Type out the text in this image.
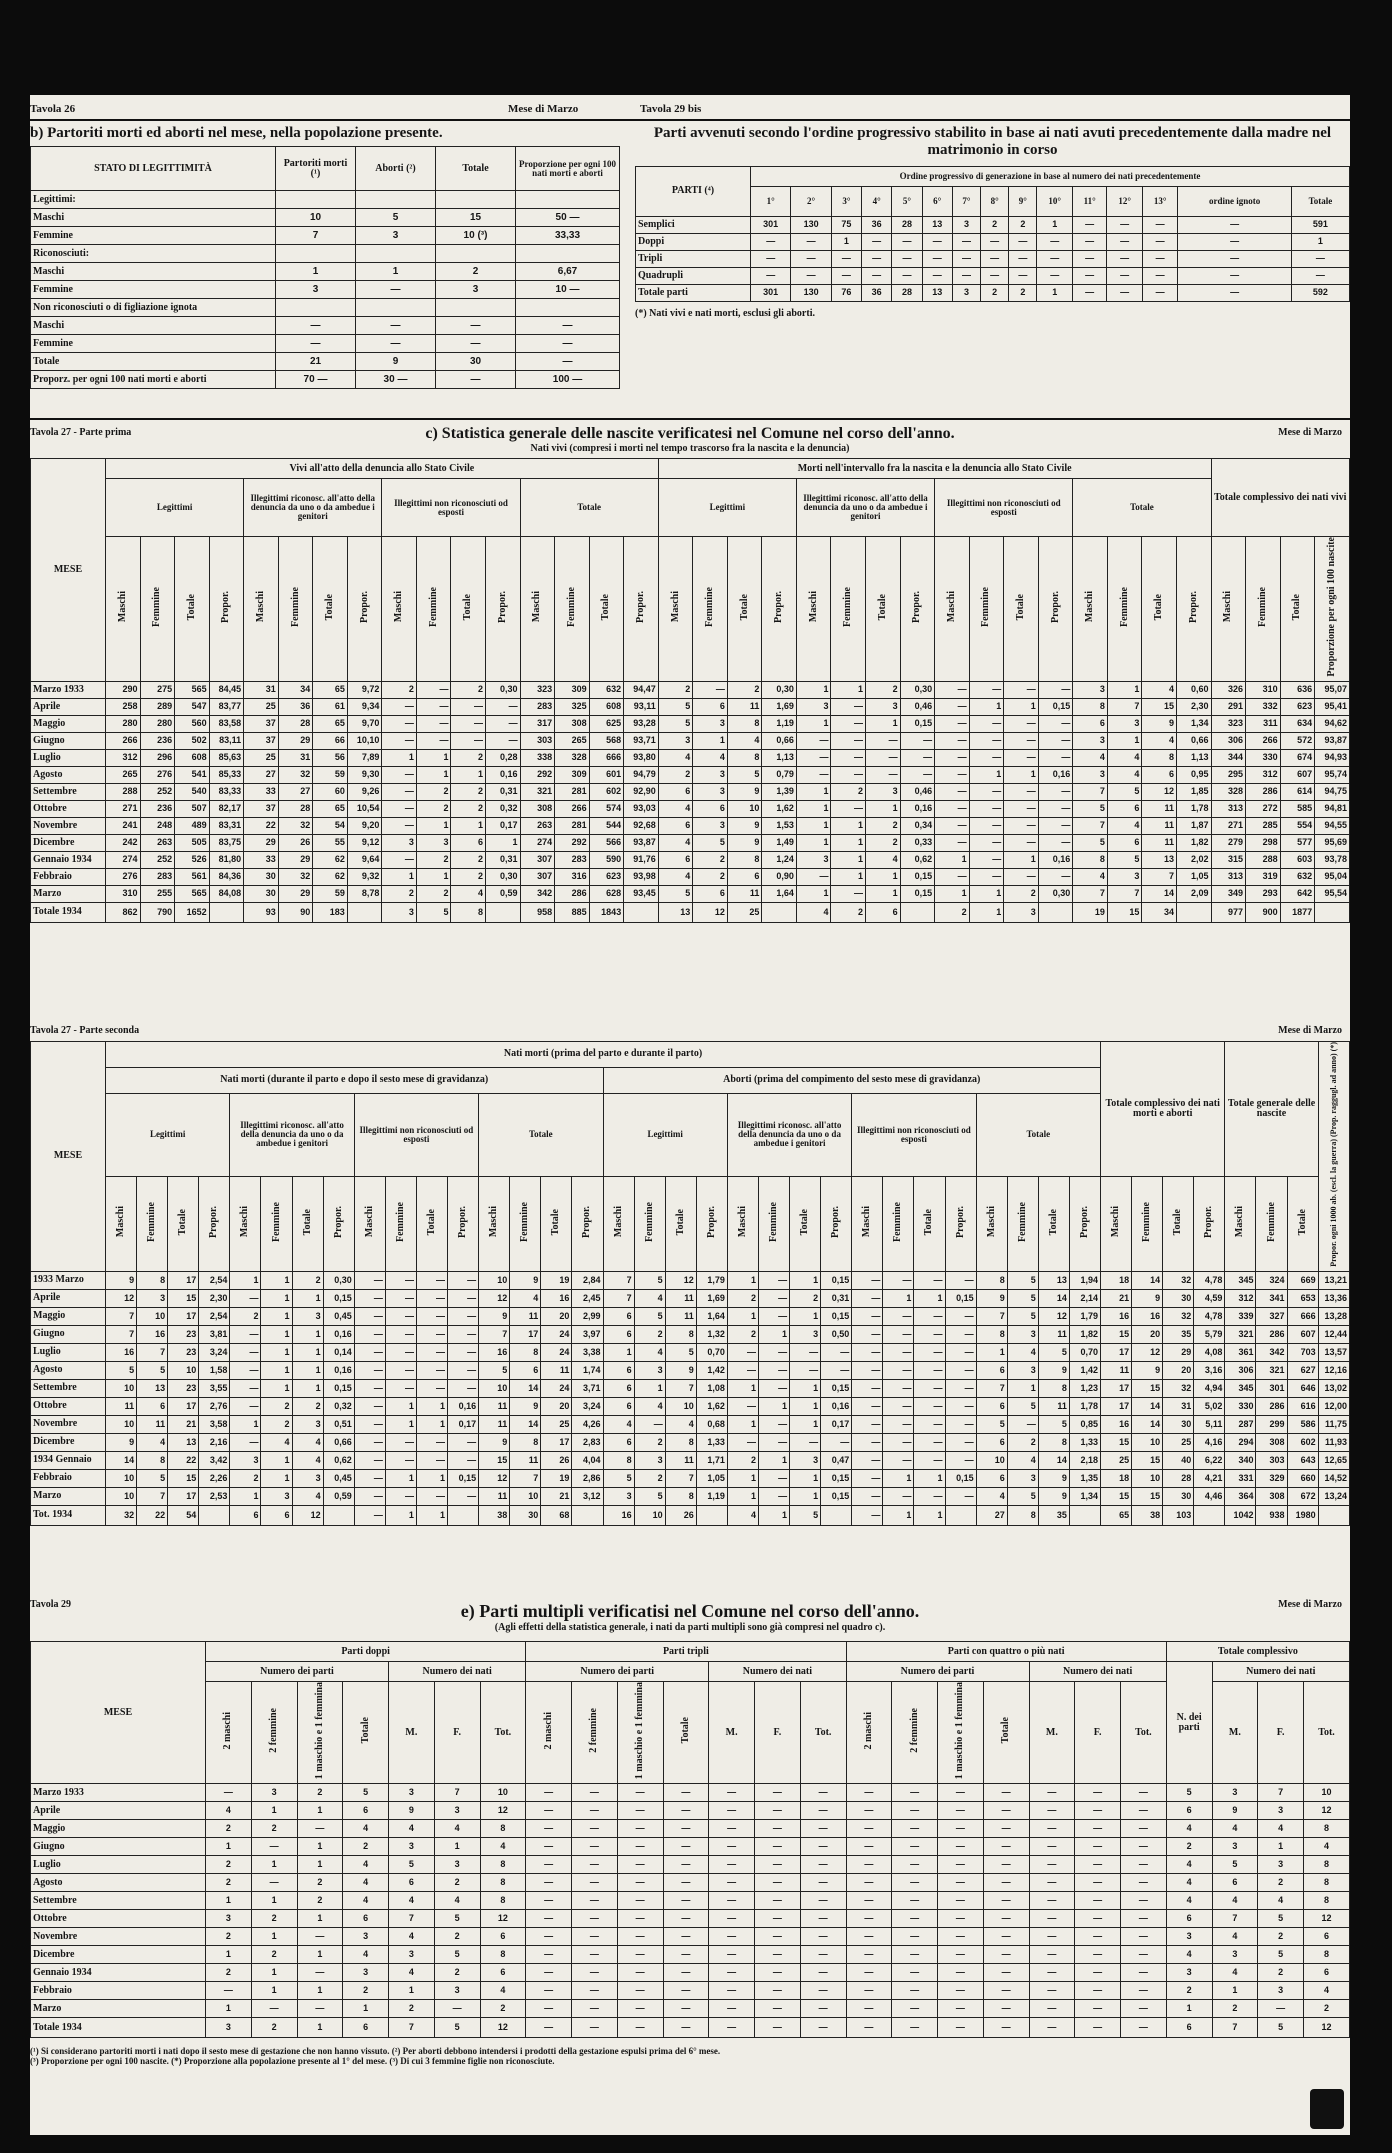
Tavola 26	Mese di Marzo	Tavola 29 bis
b) Partoriti morti ed aborti nel mese, nella popolazione presente.
STATO DI LEGITTIMITÀ	Partoriti morti (¹)	Aborti (²)	Totale	Proporzione per ogni 100 nati morti e aborti
Legittimi:				
Maschi	10	5	15	50 —
Femmine	7	3	10 (³)	33,33
Riconosciuti:				
Maschi	1	1	2	6,67
Femmine	3	—	3	10 —
Non riconosciuti o di figliazione ignota				
Maschi	—	—	—	—
Femmine	—	—	—	—
Totale	21	9	30	—
Proporz. per ogni 100 nati morti e aborti	70 —	30 —	—	100 —
Parti avvenuti secondo l'ordine progressivo stabilito in base ai nati avuti precedentemente dalla madre nel matrimonio in corso
PARTI (⁴)	Ordine progressivo di generazione in base al numero dei nati precedentemente														
	1°	2°	3°	4°	5°	6°	7°	8°	9°	10°	11°	12°	13°	ordine ignoto	Totale
Semplici	301	130	75	36	28	13	3	2	2	1	—	—	—	—	591
Doppi	—	—	1	—	—	—	—	—	—	—	—	—	—	—	1
Tripli	—	—	—	—	—	—	—	—	—	—	—	—	—	—	—
Quadrupli	—	—	—	—	—	—	—	—	—	—	—	—	—	—	—
Totale parti	301	130	76	36	28	13	3	2	2	1	—	—	—	—	592
(*) Nati vivi e nati morti, esclusi gli aborti.
Tavola 27 - Parte prima	Mese di Marzo
c) Statistica generale delle nascite verificatesi nel Comune nel corso dell'anno.
Nati vivi (compresi i morti nel tempo trascorso fra la nascita e la denuncia)
MESE	Vivi all'atto della denuncia allo Stato Civile																Morti nell'intervallo fra la nascita e la denuncia allo Stato Civile																Totale complessivo dei nati vivi			
	Legittimi				Illegittimi riconosc. all'atto della denuncia da uno o da ambedue i genitori				Illegittimi non riconosciuti od esposti				Totale				Legittimi				Illegittimi riconosc. all'atto della denuncia da uno o da ambedue i genitori				Illegittimi non riconosciuti od esposti				Totale							
	Maschi	Femmine	Totale	Propor.	Maschi	Femmine	Totale	Propor.	Maschi	Femmine	Totale	Propor.	Maschi	Femmine	Totale	Propor.	Maschi	Femmine	Totale	Propor.	Maschi	Femmine	Totale	Propor.	Maschi	Femmine	Totale	Propor.	Maschi	Femmine	Totale	Propor.	Maschi	Femmine	Totale	Proporzione per ogni 100 nascite
Marzo 1933	290	275	565	84,45	31	34	65	9,72	2	—	2	0,30	323	309	632	94,47	2	—	2	0,30	1	1	2	0,30	—	—	—	—	3	1	4	0,60	326	310	636	95,07
Aprile	258	289	547	83,77	25	36	61	9,34	—	—	—	—	283	325	608	93,11	5	6	11	1,69	3	—	3	0,46	—	1	1	0,15	8	7	15	2,30	291	332	623	95,41
Maggio	280	280	560	83,58	37	28	65	9,70	—	—	—	—	317	308	625	93,28	5	3	8	1,19	1	—	1	0,15	—	—	—	—	6	3	9	1,34	323	311	634	94,62
Giugno	266	236	502	83,11	37	29	66	10,10	—	—	—	—	303	265	568	93,71	3	1	4	0,66	—	—	—	—	—	—	—	—	3	1	4	0,66	306	266	572	93,87
Luglio	312	296	608	85,63	25	31	56	7,89	1	1	2	0,28	338	328	666	93,80	4	4	8	1,13	—	—	—	—	—	—	—	—	4	4	8	1,13	344	330	674	94,93
Agosto	265	276	541	85,33	27	32	59	9,30	—	1	1	0,16	292	309	601	94,79	2	3	5	0,79	—	—	—	—	—	1	1	0,16	3	4	6	0,95	295	312	607	95,74
Settembre	288	252	540	83,33	33	27	60	9,26	—	2	2	0,31	321	281	602	92,90	6	3	9	1,39	1	2	3	0,46	—	—	—	—	7	5	12	1,85	328	286	614	94,75
Ottobre	271	236	507	82,17	37	28	65	10,54	—	2	2	0,32	308	266	574	93,03	4	6	10	1,62	1	—	1	0,16	—	—	—	—	5	6	11	1,78	313	272	585	94,81
Novembre	241	248	489	83,31	22	32	54	9,20	—	1	1	0,17	263	281	544	92,68	6	3	9	1,53	1	1	2	0,34	—	—	—	—	7	4	11	1,87	271	285	554	94,55
Dicembre	242	263	505	83,75	29	26	55	9,12	3	3	6	1	274	292	566	93,87	4	5	9	1,49	1	1	2	0,33	—	—	—	—	5	6	11	1,82	279	298	577	95,69
Gennaio 1934	274	252	526	81,80	33	29	62	9,64	—	2	2	0,31	307	283	590	91,76	6	2	8	1,24	3	1	4	0,62	1	—	1	0,16	8	5	13	2,02	315	288	603	93,78
Febbraio	276	283	561	84,36	30	32	62	9,32	1	1	2	0,30	307	316	623	93,98	4	2	6	0,90	—	1	1	0,15	—	—	—	—	4	3	7	1,05	313	319	632	95,04
Marzo	310	255	565	84,08	30	29	59	8,78	2	2	4	0,59	342	286	628	93,45	5	6	11	1,64	1	—	1	0,15	1	1	2	0,30	7	7	14	2,09	349	293	642	95,54
Totale 1934	862	790	1652		93	90	183		3	5	8		958	885	1843		13	12	25		4	2	6		2	1	3		19	15	34		977	900	1877	
Tavola 27 - Parte seconda	Mese di Marzo
MESE	Nati morti (prima del parto e durante il parto)																																Totale complessivo dei nati morti e aborti				Totale generale delle nascite			Propor. ogni 1000 ab. (escl. la guerra) (Prop. raggugl. ad anno) (*)
	Nati morti (durante il parto e dopo il sesto mese di gravidanza)																Aborti (prima del compimento del sesto mese di gravidanza)																							
	Legittimi				Illegittimi riconosc. all'atto della denuncia da uno o da ambedue i genitori				Illegittimi non riconosciuti od esposti				Totale				Legittimi				Illegittimi riconosc. all'atto della denuncia da uno o da ambedue i genitori				Illegittimi non riconosciuti od esposti				Totale											
	Maschi	Femmine	Totale	Propor.	Maschi	Femmine	Totale	Propor.	Maschi	Femmine	Totale	Propor.	Maschi	Femmine	Totale	Propor.	Maschi	Femmine	Totale	Propor.	Maschi	Femmine	Totale	Propor.	Maschi	Femmine	Totale	Propor.	Maschi	Femmine	Totale	Propor.	Maschi	Femmine	Totale	Propor.	Maschi	Femmine	Totale	
1933 Marzo	9	8	17	2,54	1	1	2	0,30	—	—	—	—	10	9	19	2,84	7	5	12	1,79	1	—	1	0,15	—	—	—	—	8	5	13	1,94	18	14	32	4,78	345	324	669	13,21
Aprile	12	3	15	2,30	—	1	1	0,15	—	—	—	—	12	4	16	2,45	7	4	11	1,69	2	—	2	0,31	—	1	1	0,15	9	5	14	2,14	21	9	30	4,59	312	341	653	13,36
Maggio	7	10	17	2,54	2	1	3	0,45	—	—	—	—	9	11	20	2,99	6	5	11	1,64	1	—	1	0,15	—	—	—	—	7	5	12	1,79	16	16	32	4,78	339	327	666	13,28
Giugno	7	16	23	3,81	—	1	1	0,16	—	—	—	—	7	17	24	3,97	6	2	8	1,32	2	1	3	0,50	—	—	—	—	8	3	11	1,82	15	20	35	5,79	321	286	607	12,44
Luglio	16	7	23	3,24	—	1	1	0,14	—	—	—	—	16	8	24	3,38	1	4	5	0,70	—	—	—	—	—	—	—	—	1	4	5	0,70	17	12	29	4,08	361	342	703	13,57
Agosto	5	5	10	1,58	—	1	1	0,16	—	—	—	—	5	6	11	1,74	6	3	9	1,42	—	—	—	—	—	—	—	—	6	3	9	1,42	11	9	20	3,16	306	321	627	12,16
Settembre	10	13	23	3,55	—	1	1	0,15	—	—	—	—	10	14	24	3,71	6	1	7	1,08	1	—	1	0,15	—	—	—	—	7	1	8	1,23	17	15	32	4,94	345	301	646	13,02
Ottobre	11	6	17	2,76	—	2	2	0,32	—	1	1	0,16	11	9	20	3,24	6	4	10	1,62	—	1	1	0,16	—	—	—	—	6	5	11	1,78	17	14	31	5,02	330	286	616	12,00
Novembre	10	11	21	3,58	1	2	3	0,51	—	1	1	0,17	11	14	25	4,26	4	—	4	0,68	1	—	1	0,17	—	—	—	—	5	—	5	0,85	16	14	30	5,11	287	299	586	11,75
Dicembre	9	4	13	2,16	—	4	4	0,66	—	—	—	—	9	8	17	2,83	6	2	8	1,33	—	—	—	—	—	—	—	—	6	2	8	1,33	15	10	25	4,16	294	308	602	11,93
1934 Gennaio	14	8	22	3,42	3	1	4	0,62	—	—	—	—	15	11	26	4,04	8	3	11	1,71	2	1	3	0,47	—	—	—	—	10	4	14	2,18	25	15	40	6,22	340	303	643	12,65
Febbraio	10	5	15	2,26	2	1	3	0,45	—	1	1	0,15	12	7	19	2,86	5	2	7	1,05	1	—	1	0,15	—	1	1	0,15	6	3	9	1,35	18	10	28	4,21	331	329	660	14,52
Marzo	10	7	17	2,53	1	3	4	0,59	—	—	—	—	11	10	21	3,12	3	5	8	1,19	1	—	1	0,15	—	—	—	—	4	5	9	1,34	15	15	30	4,46	364	308	672	13,24
Tot. 1934	32	22	54		6	6	12		—	1	1		38	30	68		16	10	26		4	1	5		—	1	1		27	8	35		65	38	103		1042	938	1980	
Tavola 29	Mese di Marzo
e) Parti multipli verificatisi nel Comune nel corso dell'anno.
(Agli effetti della statistica generale, i nati da parti multipli sono già compresi nel quadro c).
MESE	Parti doppi							Parti tripli							Parti con quattro o più nati							Totale complessivo			
	Numero dei parti				Numero dei nati			Numero dei parti				Numero dei nati			Numero dei parti				Numero dei nati			N. dei parti	Numero dei nati		
	2 maschi	2 femmine	1 maschio e 1 femmina	Totale	M.	F.	Tot.	2 maschi	2 femmine	1 maschio e 1 femmina	Totale	M.	F.	Tot.	2 maschi	2 femmine	1 maschio e 1 femmina	Totale	M.	F.	Tot.		M.	F.	Tot.
Marzo 1933	—	3	2	5	3	7	10	—	—	—	—	—	—	—	—	—	—	—	—	—	—	5	3	7	10
Aprile	4	1	1	6	9	3	12	—	—	—	—	—	—	—	—	—	—	—	—	—	—	6	9	3	12
Maggio	2	2	—	4	4	4	8	—	—	—	—	—	—	—	—	—	—	—	—	—	—	4	4	4	8
Giugno	1	—	1	2	3	1	4	—	—	—	—	—	—	—	—	—	—	—	—	—	—	2	3	1	4
Luglio	2	1	1	4	5	3	8	—	—	—	—	—	—	—	—	—	—	—	—	—	—	4	5	3	8
Agosto	2	—	2	4	6	2	8	—	—	—	—	—	—	—	—	—	—	—	—	—	—	4	6	2	8
Settembre	1	1	2	4	4	4	8	—	—	—	—	—	—	—	—	—	—	—	—	—	—	4	4	4	8
Ottobre	3	2	1	6	7	5	12	—	—	—	—	—	—	—	—	—	—	—	—	—	—	6	7	5	12
Novembre	2	1	—	3	4	2	6	—	—	—	—	—	—	—	—	—	—	—	—	—	—	3	4	2	6
Dicembre	1	2	1	4	3	5	8	—	—	—	—	—	—	—	—	—	—	—	—	—	—	4	3	5	8
Gennaio 1934	2	1	—	3	4	2	6	—	—	—	—	—	—	—	—	—	—	—	—	—	—	3	4	2	6
Febbraio	—	1	1	2	1	3	4	—	—	—	—	—	—	—	—	—	—	—	—	—	—	2	1	3	4
Marzo	1	—	—	1	2	—	2	—	—	—	—	—	—	—	—	—	—	—	—	—	—	1	2	—	2
Totale 1934	3	2	1	6	7	5	12	—	—	—	—	—	—	—	—	—	—	—	—	—	—	6	7	5	12
(¹) Si considerano partoriti morti i nati dopo il sesto mese di gestazione che non hanno vissuto. (²) Per aborti debbono intendersi i prodotti della gestazione espulsi prima del 6° mese.
(³) Proporzione per ogni 100 nascite. (*) Proporzione alla popolazione presente al 1° del mese. (³) Di cui 3 femmine figlie non riconosciute.
